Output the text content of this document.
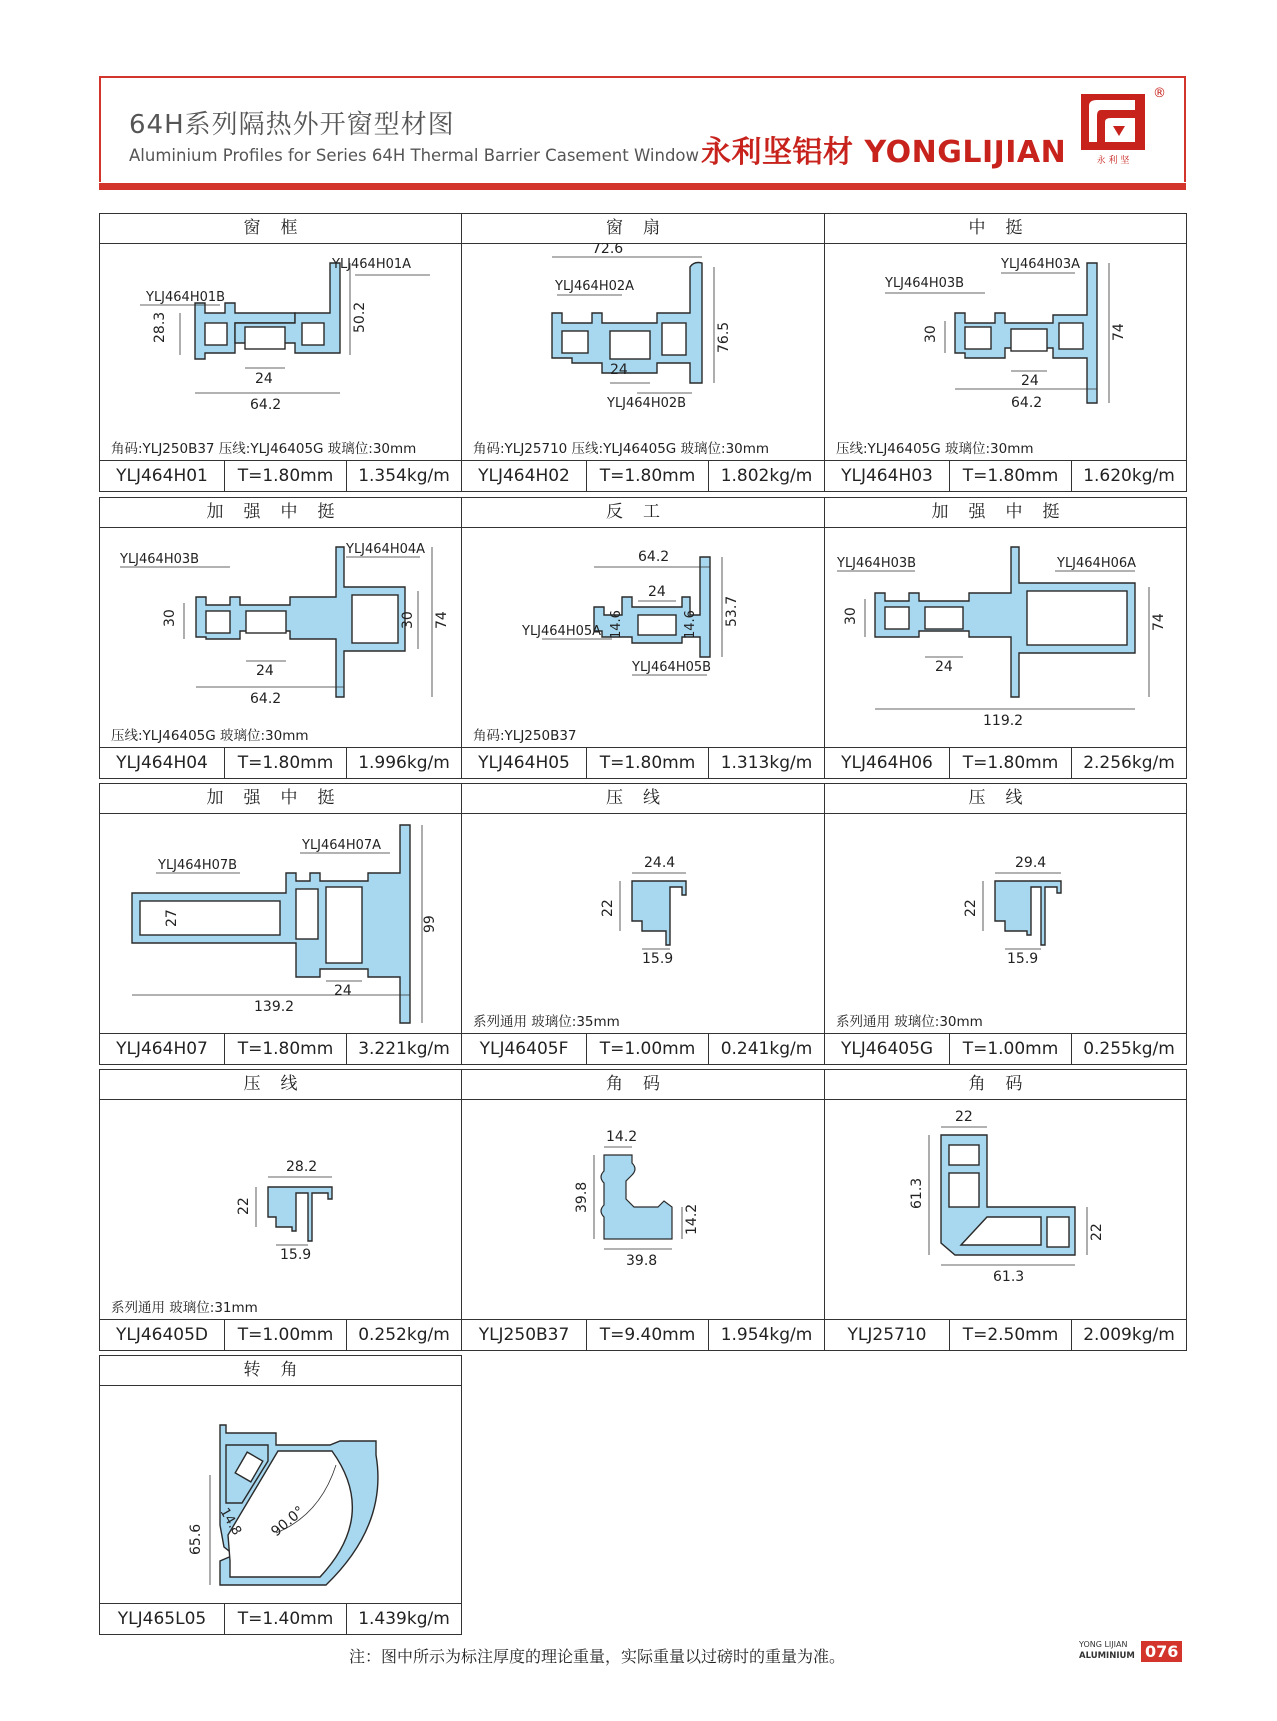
64H系列隔热外开窗型材图
Aluminium Profiles for Series 64H Thermal Barrier Casement Window 永利坚铝材 YONGLIJIAN	永 利 坚
®
窗框
YLJ464H01A
YLJ464H01B
28.3
24
64.2
50.2
角码:YLJ250B37 压线:YLJ46405G 玻璃位:30mm
YLJ464H01	T=1.80mm	1.354kg/m
窗扇
72.6
YLJ464H02A
YLJ464H02B
76.5
24
角码:YLJ25710 压线:YLJ46405G 玻璃位:30mm
YLJ464H02	T=1.80mm	1.802kg/m
中挺
YLJ464H03A
YLJ464H03B
30
24
64.2
74
压线:YLJ46405G 玻璃位:30mm
YLJ464H03	T=1.80mm	1.620kg/m
加强中挺
YLJ464H03B
YLJ464H04A
30
24
64.2
30 74
压线:YLJ46405G 玻璃位:30mm
YLJ464H04	T=1.80mm	1.996kg/m
反工
64.2
24
14.6	14.6 53.7
YLJ464H05A
YLJ464H05B
角码:YLJ250B37
YLJ464H05	T=1.80mm	1.313kg/m
加强中挺
YLJ464H03B	YLJ464H06A
30
24
119.2
74
YLJ464H06	T=1.80mm	2.256kg/m
加强中挺
YLJ464H07B
YLJ464H07A
27
24
139.2
99
YLJ464H07	T=1.80mm	3.221kg/m
压线
24.4
22
15.9
系列通用 玻璃位:35mm
YLJ46405F	T=1.00mm	0.241kg/m
压线
29.4
22
15.9
系列通用 玻璃位:30mm
YLJ46405G	T=1.00mm	0.255kg/m
压线
28.2
22
15.9
系列通用 玻璃位:31mm
YLJ46405D	T=1.00mm	0.252kg/m
角码
14.2
39.8
14.2
39.8
YLJ250B37	T=9.40mm	1.954kg/m
角码
22
61.3
22
61.3
YLJ25710	T=2.50mm	2.009kg/m
转角
65.6
14.8 90.0°
YLJ465L05	T=1.40mm	1.439kg/m
注：图中所示为标注厚度的理论重量，实际重量以过磅时的重量为准。
YONG LIJIAN
ALUMINIUM 076
